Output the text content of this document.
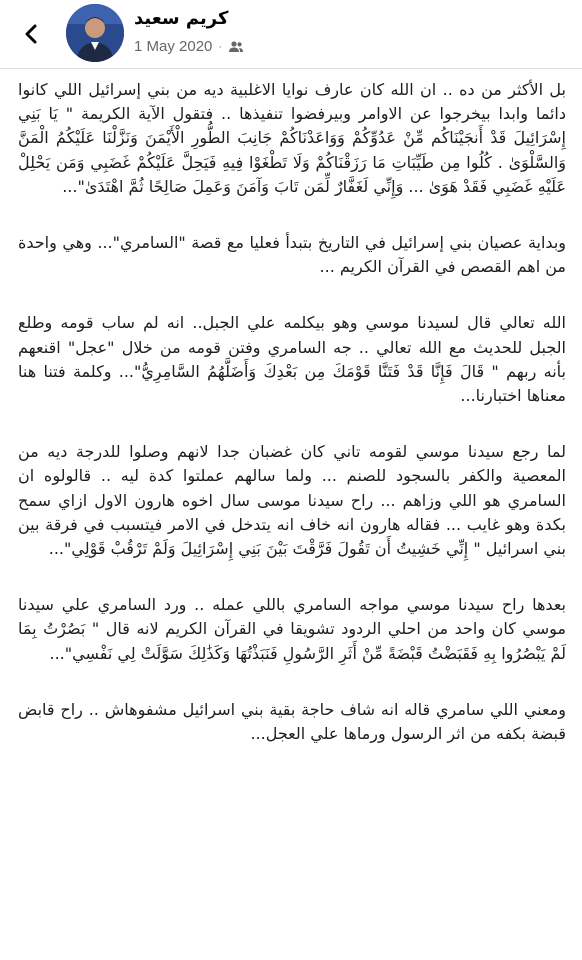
كريم سعيد
1 May 2020 ·

بل الأكثر من ده .. ان الله كان عارف نوايا الاغلبية ديه من بني إسرائيل اللي كانوا دائما وابدا بيخرجوا عن الاوامر وبيرفضوا تنفيذها .. فتقول الآية الكريمة " يَا بَنِي إِسْرَائِيلَ قَدْ أَنجَيْنَاكُم مِّنْ عَدُوِّكُمْ وَوَاعَدْنَاكُمْ جَانِبَ الطُّورِ الْأَيْمَنَ وَنَزَّلْنَا عَلَيْكُمُ الْمَنَّ وَالسَّلْوَىٰ . كُلُوا مِن طَيِّبَاتِ مَا رَزَقْنَاكُمْ وَلَا تَطْغَوْا فِيهِ فَيَحِلَّ عَلَيْكُمْ غَضَبِي وَمَن يَحْلِلْ عَلَيْهِ غَضَبِي فَقَدْ هَوَىٰ ... وَإِنِّي لَغَفَّارٌ لِّمَن تَابَ وَآمَنَ وَعَمِلَ صَالِحًا ثُمَّ اهْتَدَىٰ"...

وبداية عصيان بني إسرائيل في التاريخ بتبدأ فعليا مع قصة "السامري"... وهي واحدة من اهم القصص في القرآن الكريم ...

الله تعالي قال لسيدنا موسي وهو بيكلمه علي الجبل.. انه لم ساب قومه وطلع الجبل للحديث مع الله تعالي .. جه السامري وفتن قومه من خلال "عجل" اقنعهم بأنه ربهم " قَالَ فَإِنَّا قَدْ فَتَنَّا قَوْمَكَ مِن بَعْدِكَ وَأَضَلَّهُمُ السَّامِرِيُّ"... وكلمة فتنا هنا معناها اختبارنا...

لما رجع سيدنا موسي لقومه تاني كان غضبان جدا لانهم وصلوا للدرجة ديه من المعصية والكفر بالسجود للصنم ... ولما سالهم عملتوا كدة ليه .. قالولوه ان السامري هو اللي وزاهم ... راح سيدنا موسى سال اخوه هارون الاول ازاي سمح بكدة وهو غايب ... فقاله هارون انه خاف انه يتدخل في الامر فيتسبب في فرقة بين بني اسرائيل " إِنِّي خَشِيتُ أَن تَقُولَ فَرَّقْتَ بَيْنَ بَنِي إِسْرَائِيلَ وَلَمْ تَرْقُبْ قَوْلِي"...

بعدها راح سيدنا موسي مواجه السامري باللي عمله .. ورد السامري علي سيدنا موسي كان واحد من احلي الردود تشويقا في القرآن الكريم لانه قال " بَصُرْتُ بِمَا لَمْ يَبْصُرُوا بِهِ فَقَبَضْتُ قَبْضَةً مِّنْ أَثَرِ الرَّسُولِ فَنَبَذْتُهَا وَكَذَٰلِكَ سَوَّلَتْ لِي نَفْسِي"...

ومعني اللي سامري قاله انه شاف حاجة بقية بني اسرائيل مشفوهاش .. راح قابض قبضة بكفه من اثر الرسول ورماها علي العجل...
